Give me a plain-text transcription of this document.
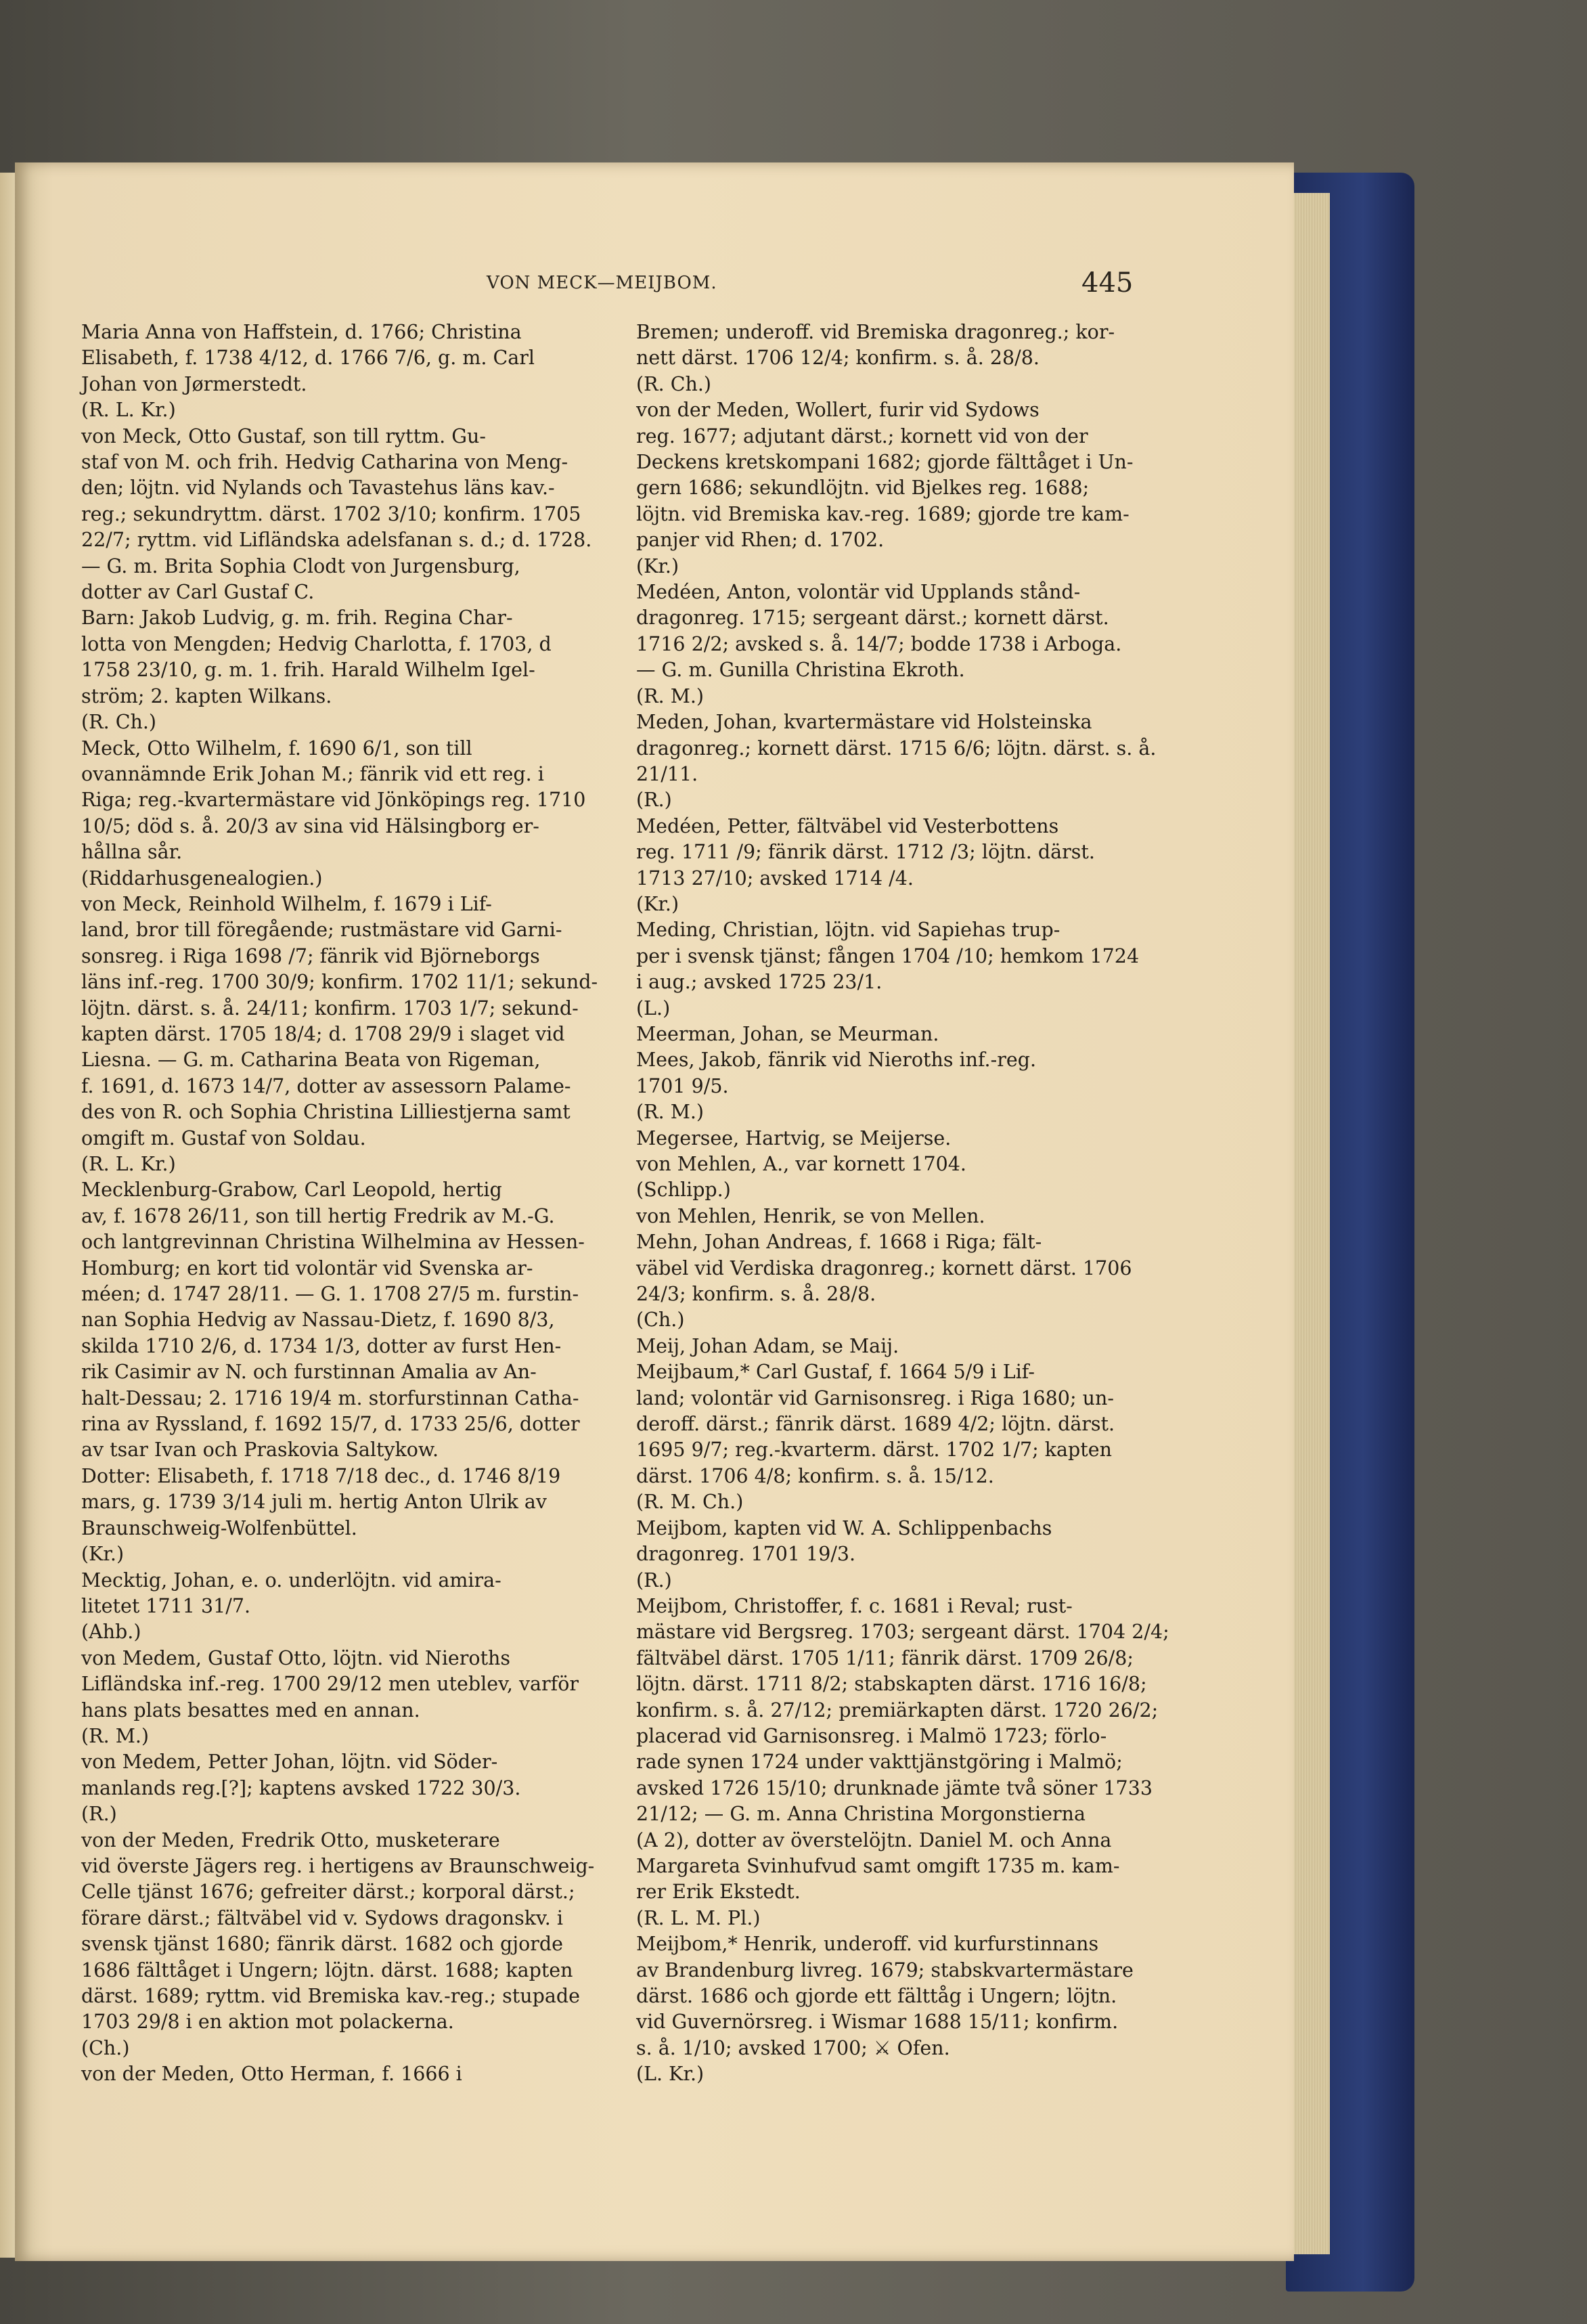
VON MECK—MEIJBOM.	445
Maria Anna von Haffstein, d. 1766; Christina
Elisabeth, f. 1738 4/12, d. 1766 7/6, g. m. Carl
Johan von Jørmerstedt.
(R. L. Kr.)
von Meck, Otto Gustaf, son till ryttm. Gu-
staf von M. och frih. Hedvig Catharina von Meng-
den; löjtn. vid Nylands och Tavastehus läns kav.-
reg.; sekundryttm. därst. 1702 3/10; konfirm. 1705
22/7; ryttm. vid Lifländska adelsfanan s. d.; d. 1728.
— G. m. Brita Sophia Clodt von Jurgensburg,
dotter av Carl Gustaf C.
Barn: Jakob Ludvig, g. m. frih. Regina Char-
lotta von Mengden; Hedvig Charlotta, f. 1703, d
1758 23/10, g. m. 1. frih. Harald Wilhelm Igel-
ström; 2. kapten Wilkans.
(R. Ch.)
Meck, Otto Wilhelm, f. 1690 6/1, son till
ovannämnde Erik Johan M.; fänrik vid ett reg. i
Riga; reg.-kvartermästare vid Jönköpings reg. 1710
10/5; död s. å. 20/3 av sina vid Hälsingborg er-
hållna sår.
(Riddarhusgenealogien.)
von Meck, Reinhold Wilhelm, f. 1679 i Lif-
land, bror till föregående; rustmästare vid Garni-
sonsreg. i Riga 1698 /7; fänrik vid Björneborgs
läns inf.-reg. 1700 30/9; konfirm. 1702 11/1; sekund-
löjtn. därst. s. å. 24/11; konfirm. 1703 1/7; sekund-
kapten därst. 1705 18/4; d. 1708 29/9 i slaget vid
Liesna. — G. m. Catharina Beata von Rigeman,
f. 1691, d. 1673 14/7, dotter av assessorn Palame-
des von R. och Sophia Christina Lilliestjerna samt
omgift m. Gustaf von Soldau.
(R. L. Kr.)
Mecklenburg-Grabow, Carl Leopold, hertig
av, f. 1678 26/11, son till hertig Fredrik av M.-G.
och lantgrevinnan Christina Wilhelmina av Hessen-
Homburg; en kort tid volontär vid Svenska ar-
méen; d. 1747 28/11. — G. 1. 1708 27/5 m. furstin-
nan Sophia Hedvig av Nassau-Dietz, f. 1690 8/3,
skilda 1710 2/6, d. 1734 1/3, dotter av furst Hen-
rik Casimir av N. och furstinnan Amalia av An-
halt-Dessau; 2. 1716 19/4 m. storfurstinnan Catha-
rina av Ryssland, f. 1692 15/7, d. 1733 25/6, dotter
av tsar Ivan och Praskovia Saltykow.
Dotter: Elisabeth, f. 1718 7/18 dec., d. 1746 8/19
mars, g. 1739 3/14 juli m. hertig Anton Ulrik av
Braunschweig-Wolfenbüttel.
(Kr.)
Mecktig, Johan, e. o. underlöjtn. vid amira-
litetet 1711 31/7.
(Ahb.)
von Medem, Gustaf Otto, löjtn. vid Nieroths
Lifländska inf.-reg. 1700 29/12 men uteblev, varför
hans plats besattes med en annan.
(R. M.)
von Medem, Petter Johan, löjtn. vid Söder-
manlands reg.[?]; kaptens avsked 1722 30/3.
(R.)
von der Meden, Fredrik Otto, musketerare
vid överste Jägers reg. i hertigens av Braunschweig-
Celle tjänst 1676; gefreiter därst.; korporal därst.;
förare därst.; fältväbel vid v. Sydows dragonskv. i
svensk tjänst 1680; fänrik därst. 1682 och gjorde
1686 fälttåget i Ungern; löjtn. därst. 1688; kapten
därst. 1689; ryttm. vid Bremiska kav.-reg.; stupade
1703 29/8 i en aktion mot polackerna.
(Ch.)
von der Meden, Otto Herman, f. 1666 i
Bremen; underoff. vid Bremiska dragonreg.; kor-
nett därst. 1706 12/4; konfirm. s. å. 28/8.
(R. Ch.)
von der Meden, Wollert, furir vid Sydows
reg. 1677; adjutant därst.; kornett vid von der
Deckens kretskompani 1682; gjorde fälttåget i Un-
gern 1686; sekundlöjtn. vid Bjelkes reg. 1688;
löjtn. vid Bremiska kav.-reg. 1689; gjorde tre kam-
panjer vid Rhen; d. 1702.
(Kr.)
Medéen, Anton, volontär vid Upplands stånd-
dragonreg. 1715; sergeant därst.; kornett därst.
1716 2/2; avsked s. å. 14/7; bodde 1738 i Arboga.
— G. m. Gunilla Christina Ekroth.
(R. M.)
Meden, Johan, kvartermästare vid Holsteinska
dragonreg.; kornett därst. 1715 6/6; löjtn. därst. s. å.
21/11.
(R.)
Medéen, Petter, fältväbel vid Vesterbottens
reg. 1711 /9; fänrik därst. 1712 /3; löjtn. därst.
1713 27/10; avsked 1714 /4.
(Kr.)
Meding, Christian, löjtn. vid Sapiehas trup-
per i svensk tjänst; fången 1704 /10; hemkom 1724
i aug.; avsked 1725 23/1.
(L.)
Meerman, Johan, se Meurman.
Mees, Jakob, fänrik vid Nieroths inf.-reg.
1701 9/5.
(R. M.)
Megersee, Hartvig, se Meijerse.
von Mehlen, A., var kornett 1704.
(Schlipp.)
von Mehlen, Henrik, se von Mellen.
Mehn, Johan Andreas, f. 1668 i Riga; fält-
väbel vid Verdiska dragonreg.; kornett därst. 1706
24/3; konfirm. s. å. 28/8.
(Ch.)
Meij, Johan Adam, se Maij.
Meijbaum,* Carl Gustaf, f. 1664 5/9 i Lif-
land; volontär vid Garnisonsreg. i Riga 1680; un-
deroff. därst.; fänrik därst. 1689 4/2; löjtn. därst.
1695 9/7; reg.-kvarterm. därst. 1702 1/7; kapten
därst. 1706 4/8; konfirm. s. å. 15/12.
(R. M. Ch.)
Meijbom, kapten vid W. A. Schlippenbachs
dragonreg. 1701 19/3.
(R.)
Meijbom, Christoffer, f. c. 1681 i Reval; rust-
mästare vid Bergsreg. 1703; sergeant därst. 1704 2/4;
fältväbel därst. 1705 1/11; fänrik därst. 1709 26/8;
löjtn. därst. 1711 8/2; stabskapten därst. 1716 16/8;
konfirm. s. å. 27/12; premiärkapten därst. 1720 26/2;
placerad vid Garnisonsreg. i Malmö 1723; förlo-
rade synen 1724 under vakttjänstgöring i Malmö;
avsked 1726 15/10; drunknade jämte två söner 1733
21/12; — G. m. Anna Christina Morgonstierna
(A 2), dotter av överstelöjtn. Daniel M. och Anna
Margareta Svinhufvud samt omgift 1735 m. kam-
rer Erik Ekstedt.
(R. L. M. Pl.)
Meijbom,* Henrik, underoff. vid kurfurstinnans
av Brandenburg livreg. 1679; stabskvartermästare
därst. 1686 och gjorde ett fälttåg i Ungern; löjtn.
vid Guvernörsreg. i Wismar 1688 15/11; konfirm.
s. å. 1/10; avsked 1700; ⚔ Ofen.
(L. Kr.)
